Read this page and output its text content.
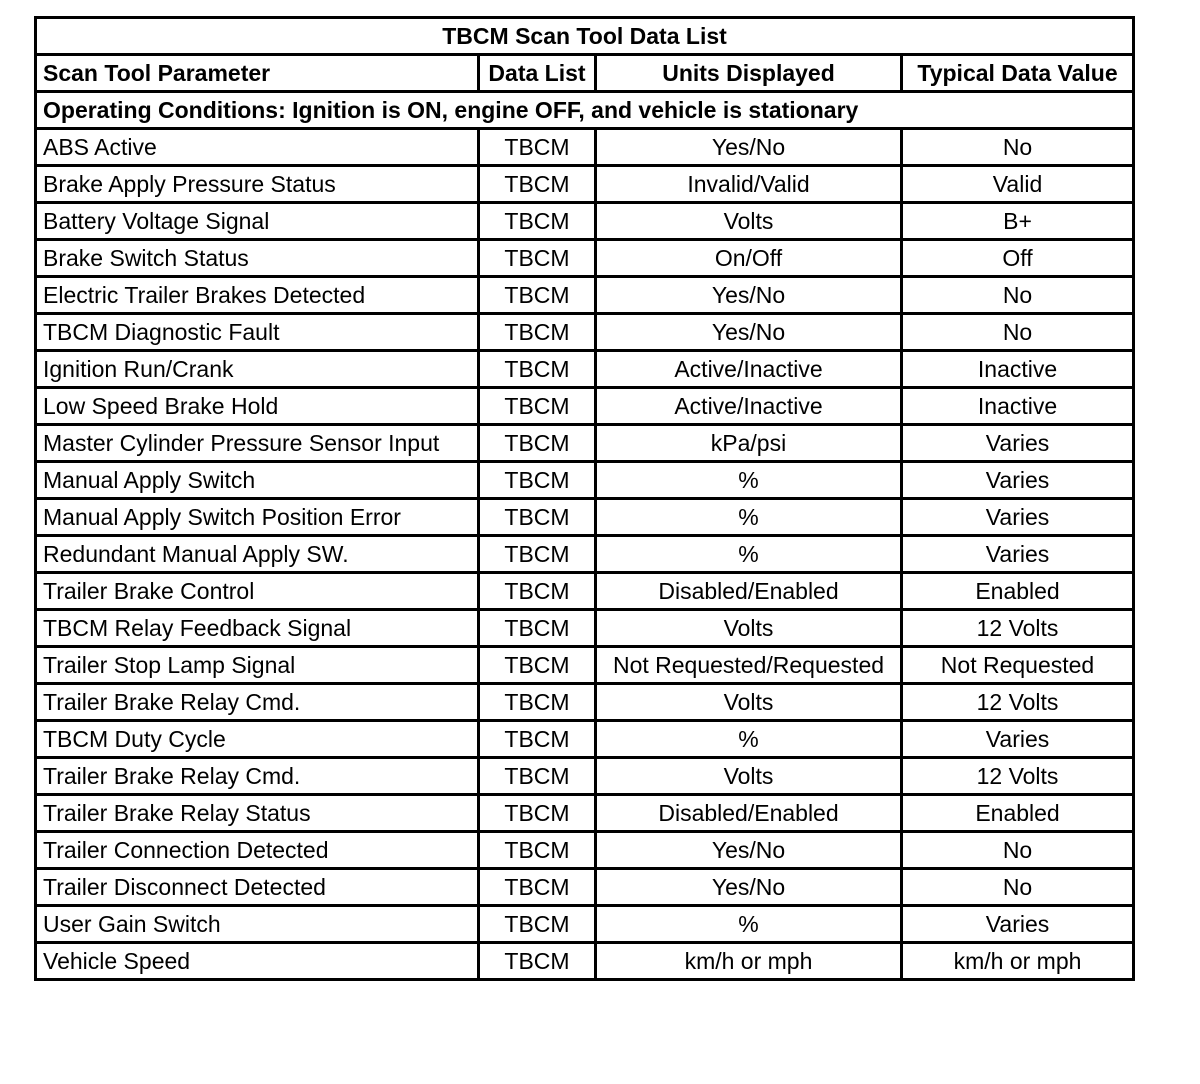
TBCM Scan Tool Data List			
Scan Tool Parameter	Data List	Units Displayed	Typical Data Value
Operating Conditions: Ignition is ON, engine OFF, and vehicle is stationary			
ABS Active	TBCM	Yes/No	No
Brake Apply Pressure Status	TBCM	Invalid/Valid	Valid
Battery Voltage Signal	TBCM	Volts	B+
Brake Switch Status	TBCM	On/Off	Off
Electric Trailer Brakes Detected	TBCM	Yes/No	No
TBCM Diagnostic Fault	TBCM	Yes/No	No
Ignition Run/Crank	TBCM	Active/Inactive	Inactive
Low Speed Brake Hold	TBCM	Active/Inactive	Inactive
Master Cylinder Pressure Sensor Input	TBCM	kPa/psi	Varies
Manual Apply Switch	TBCM	%	Varies
Manual Apply Switch Position Error	TBCM	%	Varies
Redundant Manual Apply SW.	TBCM	%	Varies
Trailer Brake Control	TBCM	Disabled/Enabled	Enabled
TBCM Relay Feedback Signal	TBCM	Volts	12 Volts
Trailer Stop Lamp Signal	TBCM	Not Requested/Requested	Not Requested
Trailer Brake Relay Cmd.	TBCM	Volts	12 Volts
TBCM Duty Cycle	TBCM	%	Varies
Trailer Brake Relay Cmd.	TBCM	Volts	12 Volts
Trailer Brake Relay Status	TBCM	Disabled/Enabled	Enabled
Trailer Connection Detected	TBCM	Yes/No	No
Trailer Disconnect Detected	TBCM	Yes/No	No
User Gain Switch	TBCM	%	Varies
Vehicle Speed	TBCM	km/h or mph	km/h or mph
